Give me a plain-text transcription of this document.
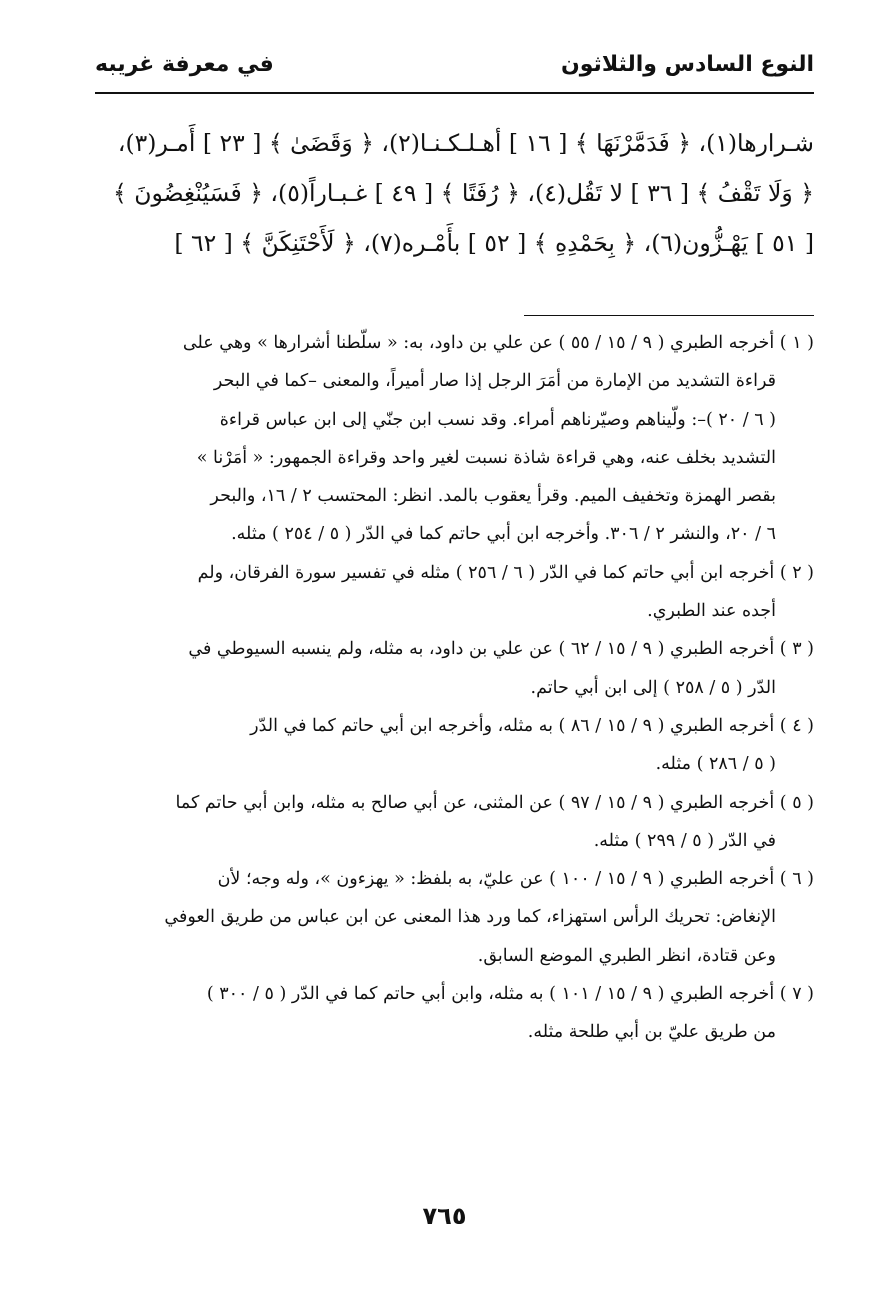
النوع السادس والثلاثون
في معرفة غريبه
شـرارها(١)، ﴿ فَدَمَّرْنَهَا ﴾ [ ١٦ ] أهـلـكـنـا(٢)، ﴿ وَقَضَىٰ ﴾ [ ٢٣ ] أَمـر(٣)،
﴿ وَلَا تَقْفُ ﴾ [ ٣٦ ] لا تَقُل(٤)، ﴿ رُفَتًا ﴾ [ ٤٩ ] غـبـاراً(٥)، ﴿ فَسَيُنْغِضُونَ ﴾
[ ٥١ ] يَهْـزُّون(٦)، ﴿ بِحَمْدِهِ ﴾ [ ٥٢ ] بأَمْـره(٧)، ﴿ لَأَحْتَنِكَنَّ ﴾ [ ٦٢ ]
( ١ ) أخرجه الطبري ( ٩ / ١٥ / ٥٥ ) عن علي بن داود، به: « سلّطنا أشرارها » وهي على
قراءة التشديد من الإمارة من أمَرَ الرجل إذا صار أميراً، والمعنى –كما في البحر
( ٦ / ٢٠ )–: ولّيناهم وصيّرناهم أمراء. وقد نسب ابن جنّي إلى ابن عباس قراءة
التشديد بخلف عنه، وهي قراءة شاذة نسبت لغير واحد وقراءة الجمهور: « أمَرْنا »
بقصر الهمزة وتخفيف الميم. وقرأ يعقوب بالمد. انظر: المحتسب ٢ / ١٦، والبحر
٦ / ٢٠، والنشر ٢ / ٣٠٦. وأخرجه ابن أبي حاتم كما في الدّر ( ٥ / ٢٥٤ ) مثله.
( ٢ ) أخرجه ابن أبي حاتم كما في الدّر ( ٦ / ٢٥٦ ) مثله في تفسير سورة الفرقان، ولم
أجده عند الطبري.
( ٣ ) أخرجه الطبري ( ٩ / ١٥ / ٦٢ ) عن علي بن داود، به مثله، ولم ينسبه السيوطي في
الدّر ( ٥ / ٢٥٨ ) إلى ابن أبي حاتم.
( ٤ ) أخرجه الطبري ( ٩ / ١٥ / ٨٦ ) به مثله، وأخرجه ابن أبي حاتم كما في الدّر
( ٥ / ٢٨٦ ) مثله.
( ٥ ) أخرجه الطبري ( ٩ / ١٥ / ٩٧ ) عن المثنى، عن أبي صالح به مثله، وابن أبي حاتم كما
في الدّر ( ٥ / ٢٩٩ ) مثله.
( ٦ ) أخرجه الطبري ( ٩ / ١٥ / ١٠٠ ) عن عليّ، به بلفظ: « يهزءون »، وله وجه؛ لأن
الإنغاض: تحريك الرأس استهزاء، كما ورد هذا المعنى عن ابن عباس من طريق العوفي
وعن قتادة، انظر الطبري الموضع السابق.
( ٧ ) أخرجه الطبري ( ٩ / ١٥ / ١٠١ ) به مثله، وابن أبي حاتم كما في الدّر ( ٥ / ٣٠٠ )
من طريق عليّ بن أبي طلحة مثله.
٧٦٥
